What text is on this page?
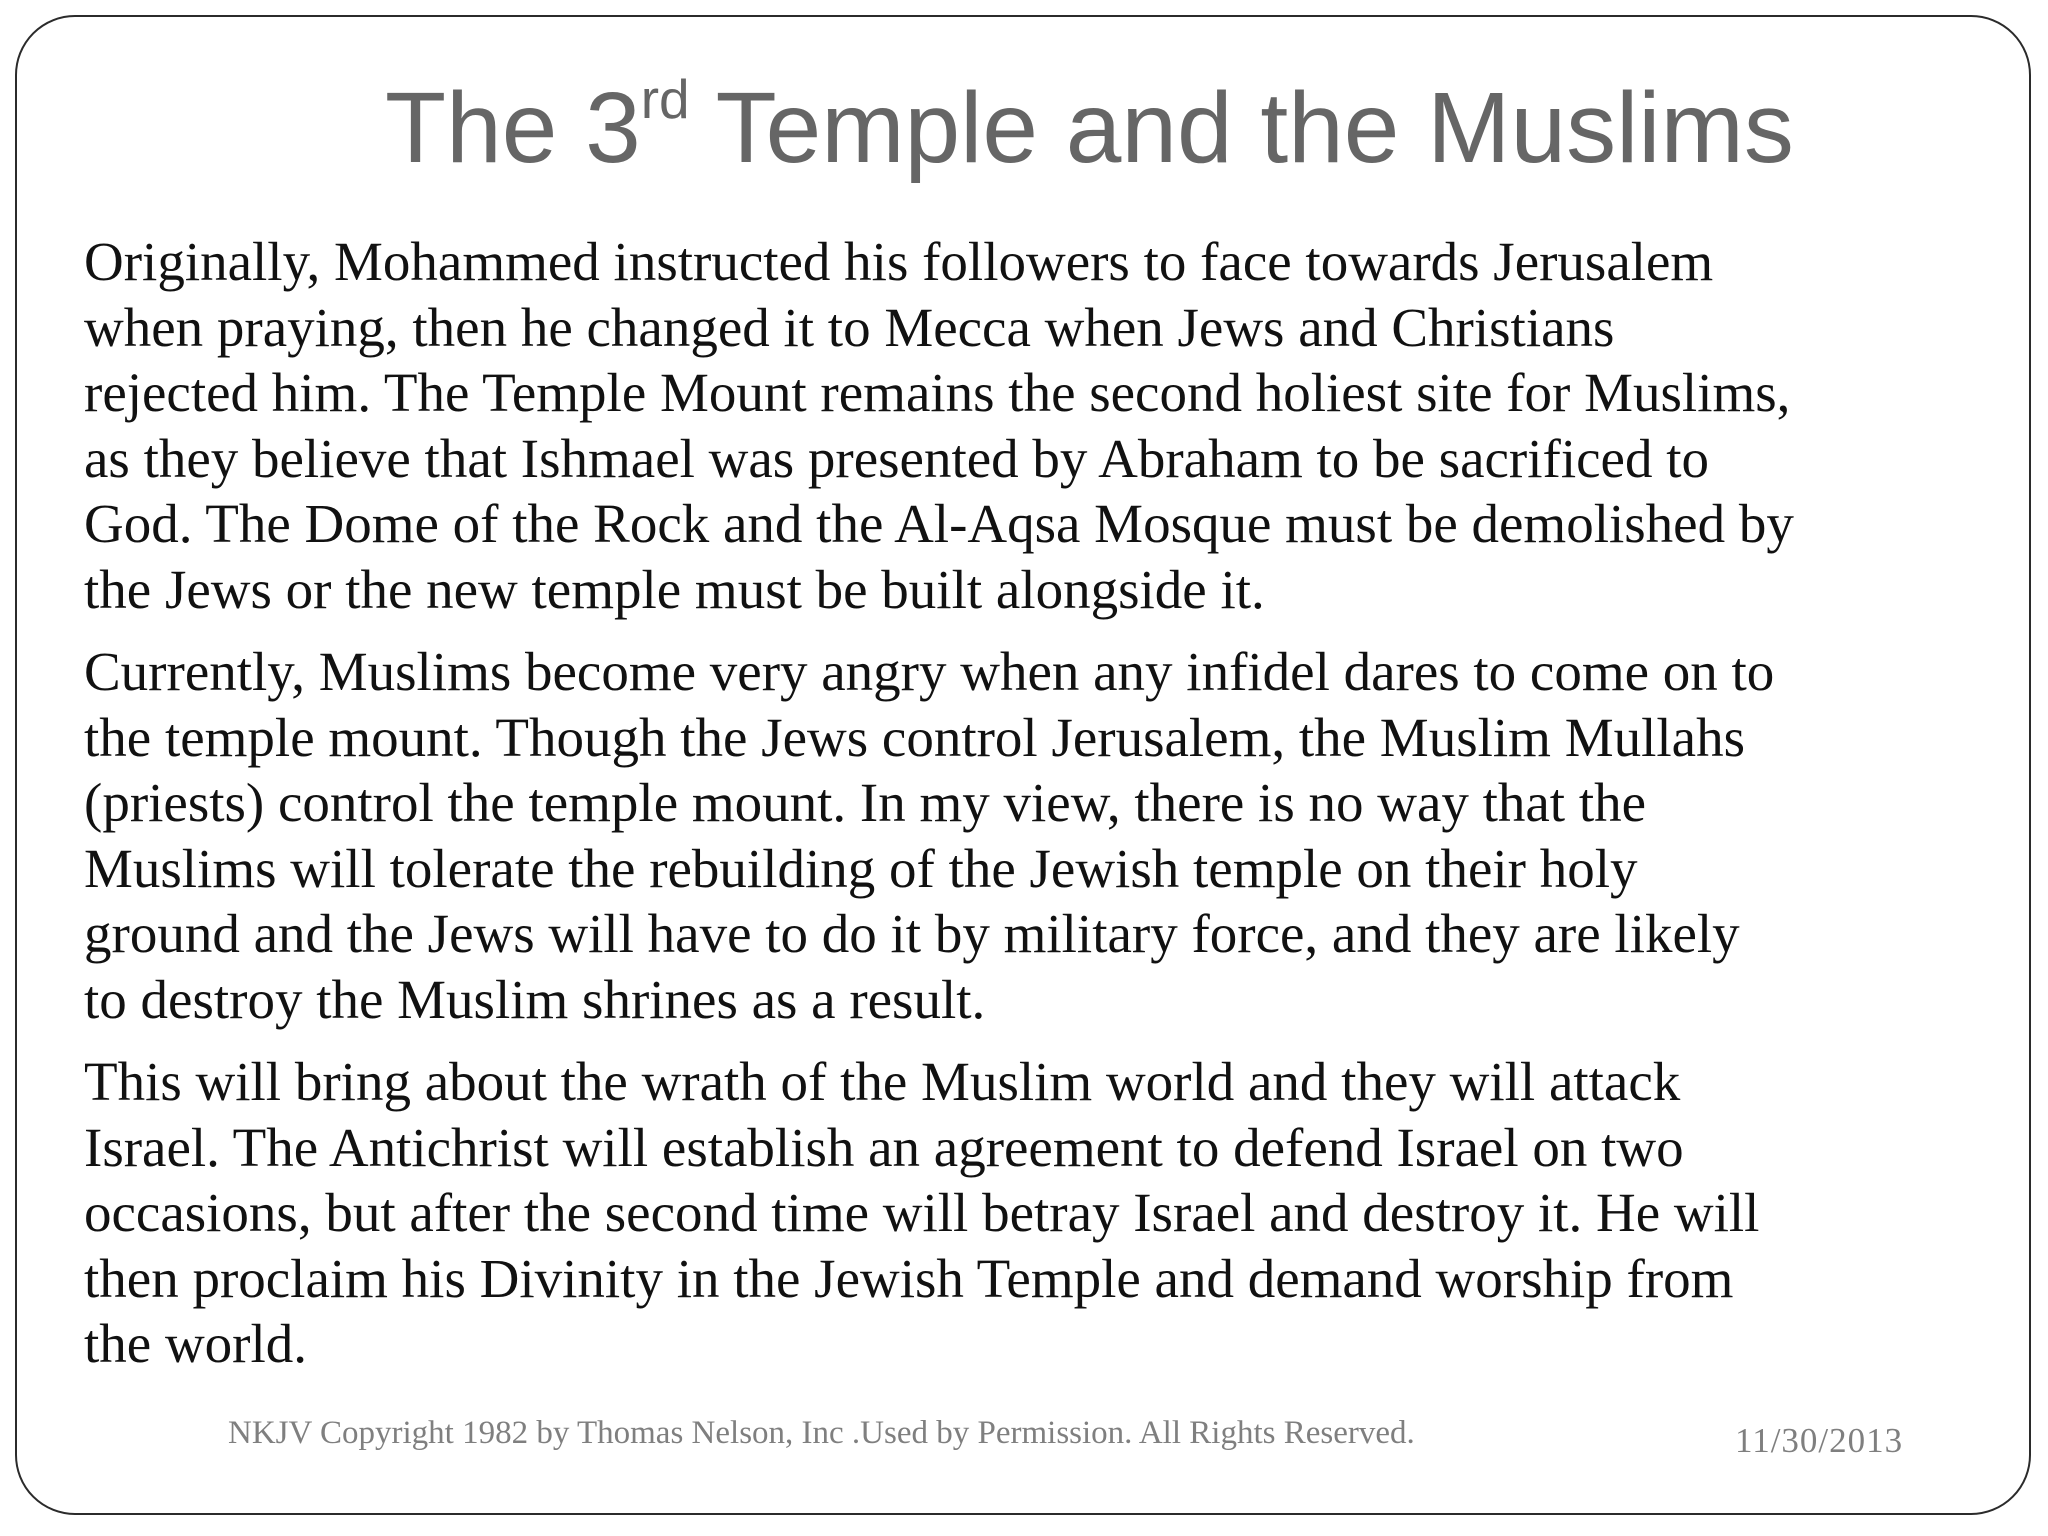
The 3rd Temple and the Muslims

Originally, Mohammed instructed his followers to face towards Jerusalem
when praying, then he changed it to Mecca when Jews and Christians
rejected him. The Temple Mount remains the second holiest site for Muslims,
as they believe that Ishmael was presented by Abraham to be sacrificed to
God. The Dome of the Rock and the Al-Aqsa Mosque must be demolished by
the Jews or the new temple must be built alongside it.

Currently, Muslims become very angry when any infidel dares to come on to
the temple mount. Though the Jews control Jerusalem, the Muslim Mullahs
(priests) control the temple mount. In my view, there is no way that the
Muslims will tolerate the rebuilding of the Jewish temple on their holy
ground and the Jews will have to do it by military force, and they are likely
to destroy the Muslim shrines as a result.

This will bring about the wrath of the Muslim world and they will attack
Israel. The Antichrist will establish an agreement to defend Israel on two
occasions, but after the second time will betray Israel and destroy it. He will
then proclaim his Divinity in the Jewish Temple and demand worship from
the world.

NKJV Copyright 1982 by Thomas Nelson, Inc .Used by Permission. All Rights Reserved.	11/30/2013
